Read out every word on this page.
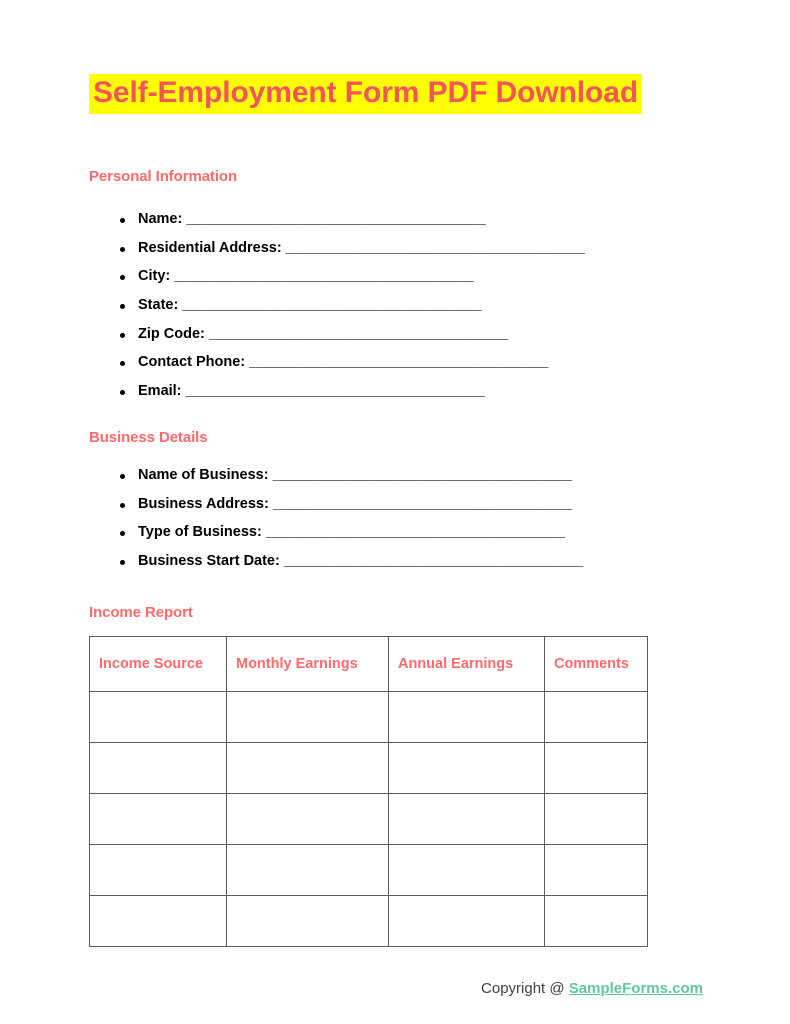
Self-Employment Form PDF Download
Personal Information
Name: _______________________________________
Residential Address: _______________________________________
City: _______________________________________
State: _______________________________________
Zip Code: _______________________________________
Contact Phone: _______________________________________
Email: _______________________________________
Business Details
Name of Business: _______________________________________
Business Address: _______________________________________
Type of Business: _______________________________________
Business Start Date: _______________________________________
Income Report
Income Source	Monthly Earnings	Annual Earnings	Comments

Copyright @ SampleForms.com
